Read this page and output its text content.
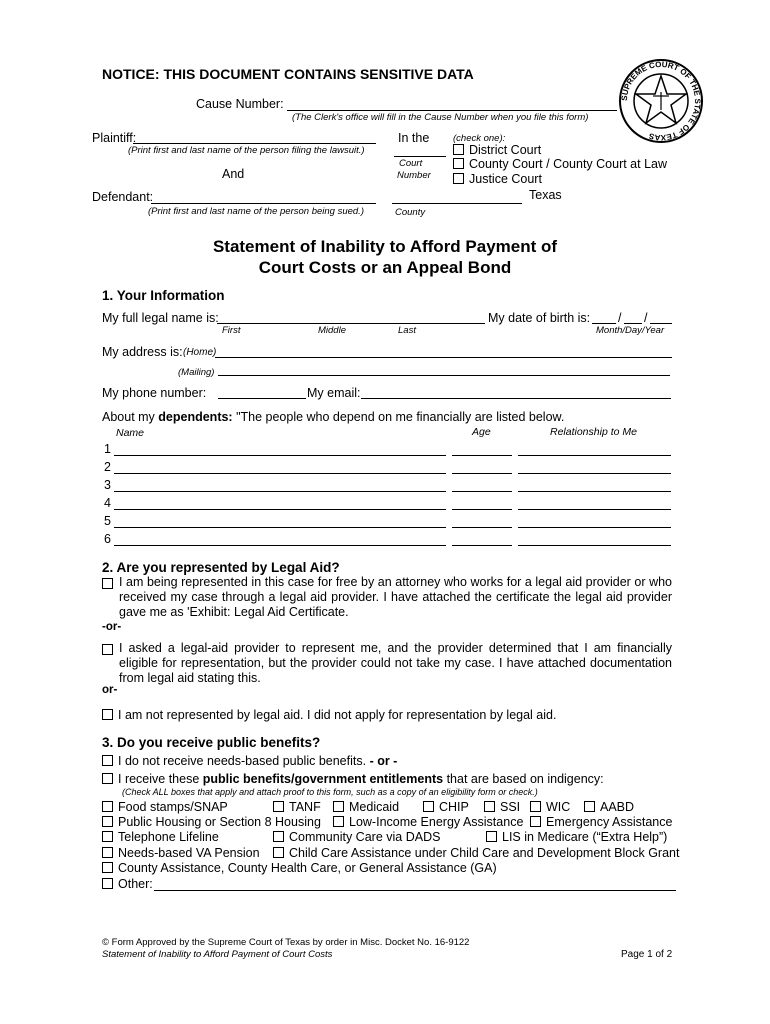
NOTICE: THIS DOCUMENT CONTAINS SENSITIVE DATA
SUPREME COURT OF THE STATE OF TEXAS
Cause Number:
(The Clerk's office will fill in the Cause Number when you file this form)
Plaintiff:
(Print first and last name of the person filing the lawsuit.)
And
Defendant:
(Print first and last name of the person being sued.)
In the (check one):
Court
Number
District Court
County Court / County Court at Law
Justice Court
Texas
County
Statement of Inability to Afford Payment of
Court Costs or an Appeal Bond
1. Your Information
My full legal name is:
First	Middle	Last
My date of birth is: / /
Month/Day/Year
My address is: (Home)
(Mailing)
My phone number:	My email:
About my dependents: "The people who depend on me financially are listed below.
Name	Age	Relationship to Me
1
2
3
4
5
6
2. Are you represented by Legal Aid?
I am being represented in this case for free by an attorney who works for a legal aid provider or who received my case through a legal aid provider. I have attached the certificate the legal aid provider gave me as 'Exhibit: Legal Aid Certificate.
-or-
I asked a legal-aid provider to represent me, and the provider determined that I am financially eligible for representation, but the provider could not take my case. I have attached documentation from legal aid stating this.
or-
I am not represented by legal aid. I did not apply for representation by legal aid.
3. Do you receive public benefits?
I do not receive needs-based public benefits. - or -
I receive these public benefits/government entitlements that are based on indigency:
(Check ALL boxes that apply and attach proof to this form, such as a copy of an eligibility form or check.)
Food stamps/SNAP	TANF	Medicaid	CHIP	SSI	WIC	AABD
Public Housing or Section 8 Housing	Low-Income Energy Assistance	Emergency Assistance
Telephone Lifeline	Community Care via DADS	LIS in Medicare (“Extra Help”)
Needs-based VA Pension	Child Care Assistance under Child Care and Development Block Grant
County Assistance, County Health Care, or General Assistance (GA)
Other:
© Form Approved by the Supreme Court of Texas by order in Misc. Docket No. 16-9122
Statement of Inability to Afford Payment of Court Costs	Page 1 of 2
